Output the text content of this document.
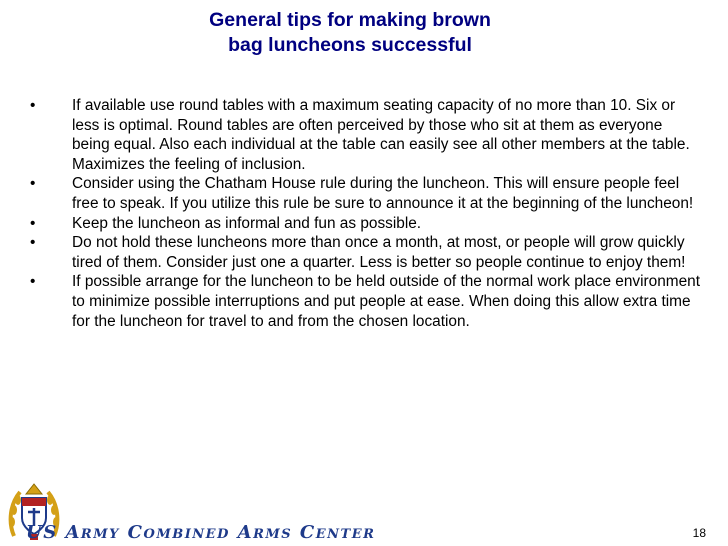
General tips for making brown
bag luncheons successful
•	If available use round tables with a maximum seating capacity of no more than 10. Six or less is optimal. Round tables are often perceived by those who sit at them as everyone being equal. Also each individual at the table can easily see all other members at the table. Maximizes the feeling of inclusion.
•	Consider using the Chatham House rule during the luncheon. This will ensure people feel free to speak. If you utilize this rule be sure to announce it at the beginning of the luncheon!
•	Keep the luncheon as informal and fun as possible.
•	Do not hold these luncheons more than once a month, at most, or people will grow quickly tired of them. Consider just one a quarter. Less is better so people continue to enjoy them!
•	If possible arrange for the luncheon to be held outside of the normal work place environment to minimize possible interruptions and put people at ease. When doing this allow extra time for the luncheon for travel to and from the chosen location.
US Army Combined Arms Center	18
